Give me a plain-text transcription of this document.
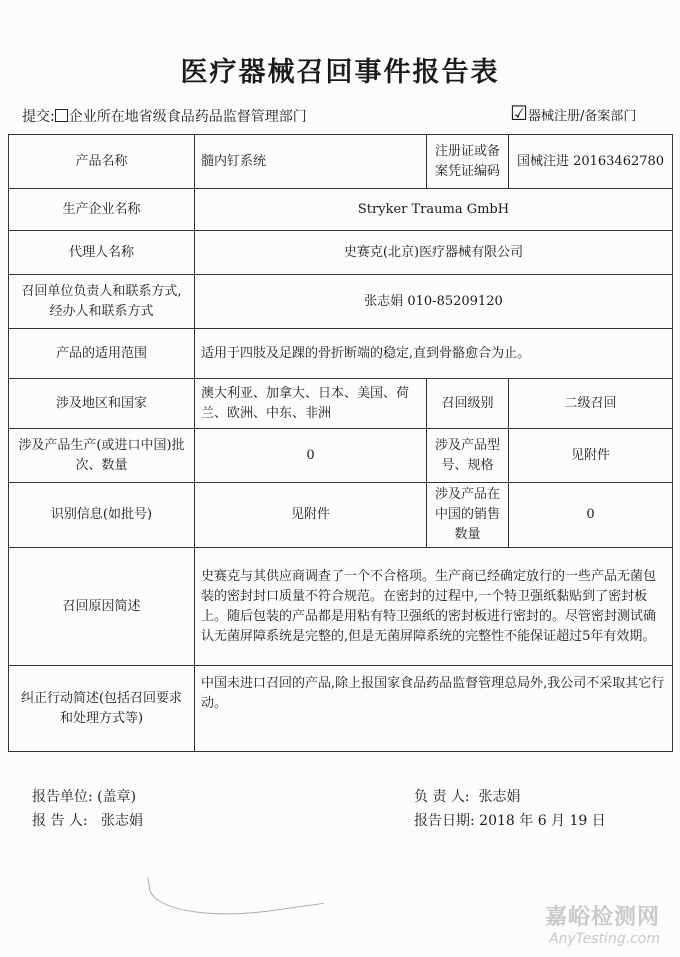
医疗器械召回事件报告表
提交: 企业所在地省级食品药品监督管理部门	☑器械注册/备案部门
产品名称	髓内钉系统	注册证或备案凭证编码	国械注进 20163462780
生产企业名称	Stryker Trauma GmbH		
代理人名称	史赛克(北京)医疗器械有限公司		
召回单位负责人和联系方式,经办人和联系方式	张志娟 010-85209120		
产品的适用范围	适用于四肢及足踝的骨折断端的稳定,直到骨骼愈合为止。		
涉及地区和国家	澳大利亚、加拿大、日本、美国、荷兰、欧洲、中东、非洲	召回级别	二级召回
涉及产品生产(或进口中国)批次、数量	0	涉及产品型号、规格	见附件
识别信息(如批号)	见附件	涉及产品在中国的销售数量	0
召回原因简述	史赛克与其供应商调查了一个不合格项。生产商已经确定放行的一些产品无菌包装的密封封口质量不符合规范。在密封的过程中,一个特卫强纸黏贴到了密封板上。随后包装的产品都是用粘有特卫强纸的密封板进行密封的。尽管密封测试确认无菌屏障系统是完整的,但是无菌屏障系统的完整性不能保证超过5年有效期。		
纠正行动简述(包括召回要求和处理方式等)	中国未进口召回的产品,除上报国家食品药品监督管理总局外,我公司不采取其它行动。		
报告单位: (盖章)
报 告 人: 张志娟
负 责 人: 张志娟
报告日期: 2018 年 6 月 19 日
嘉峪检测网
AnyTesting.com
